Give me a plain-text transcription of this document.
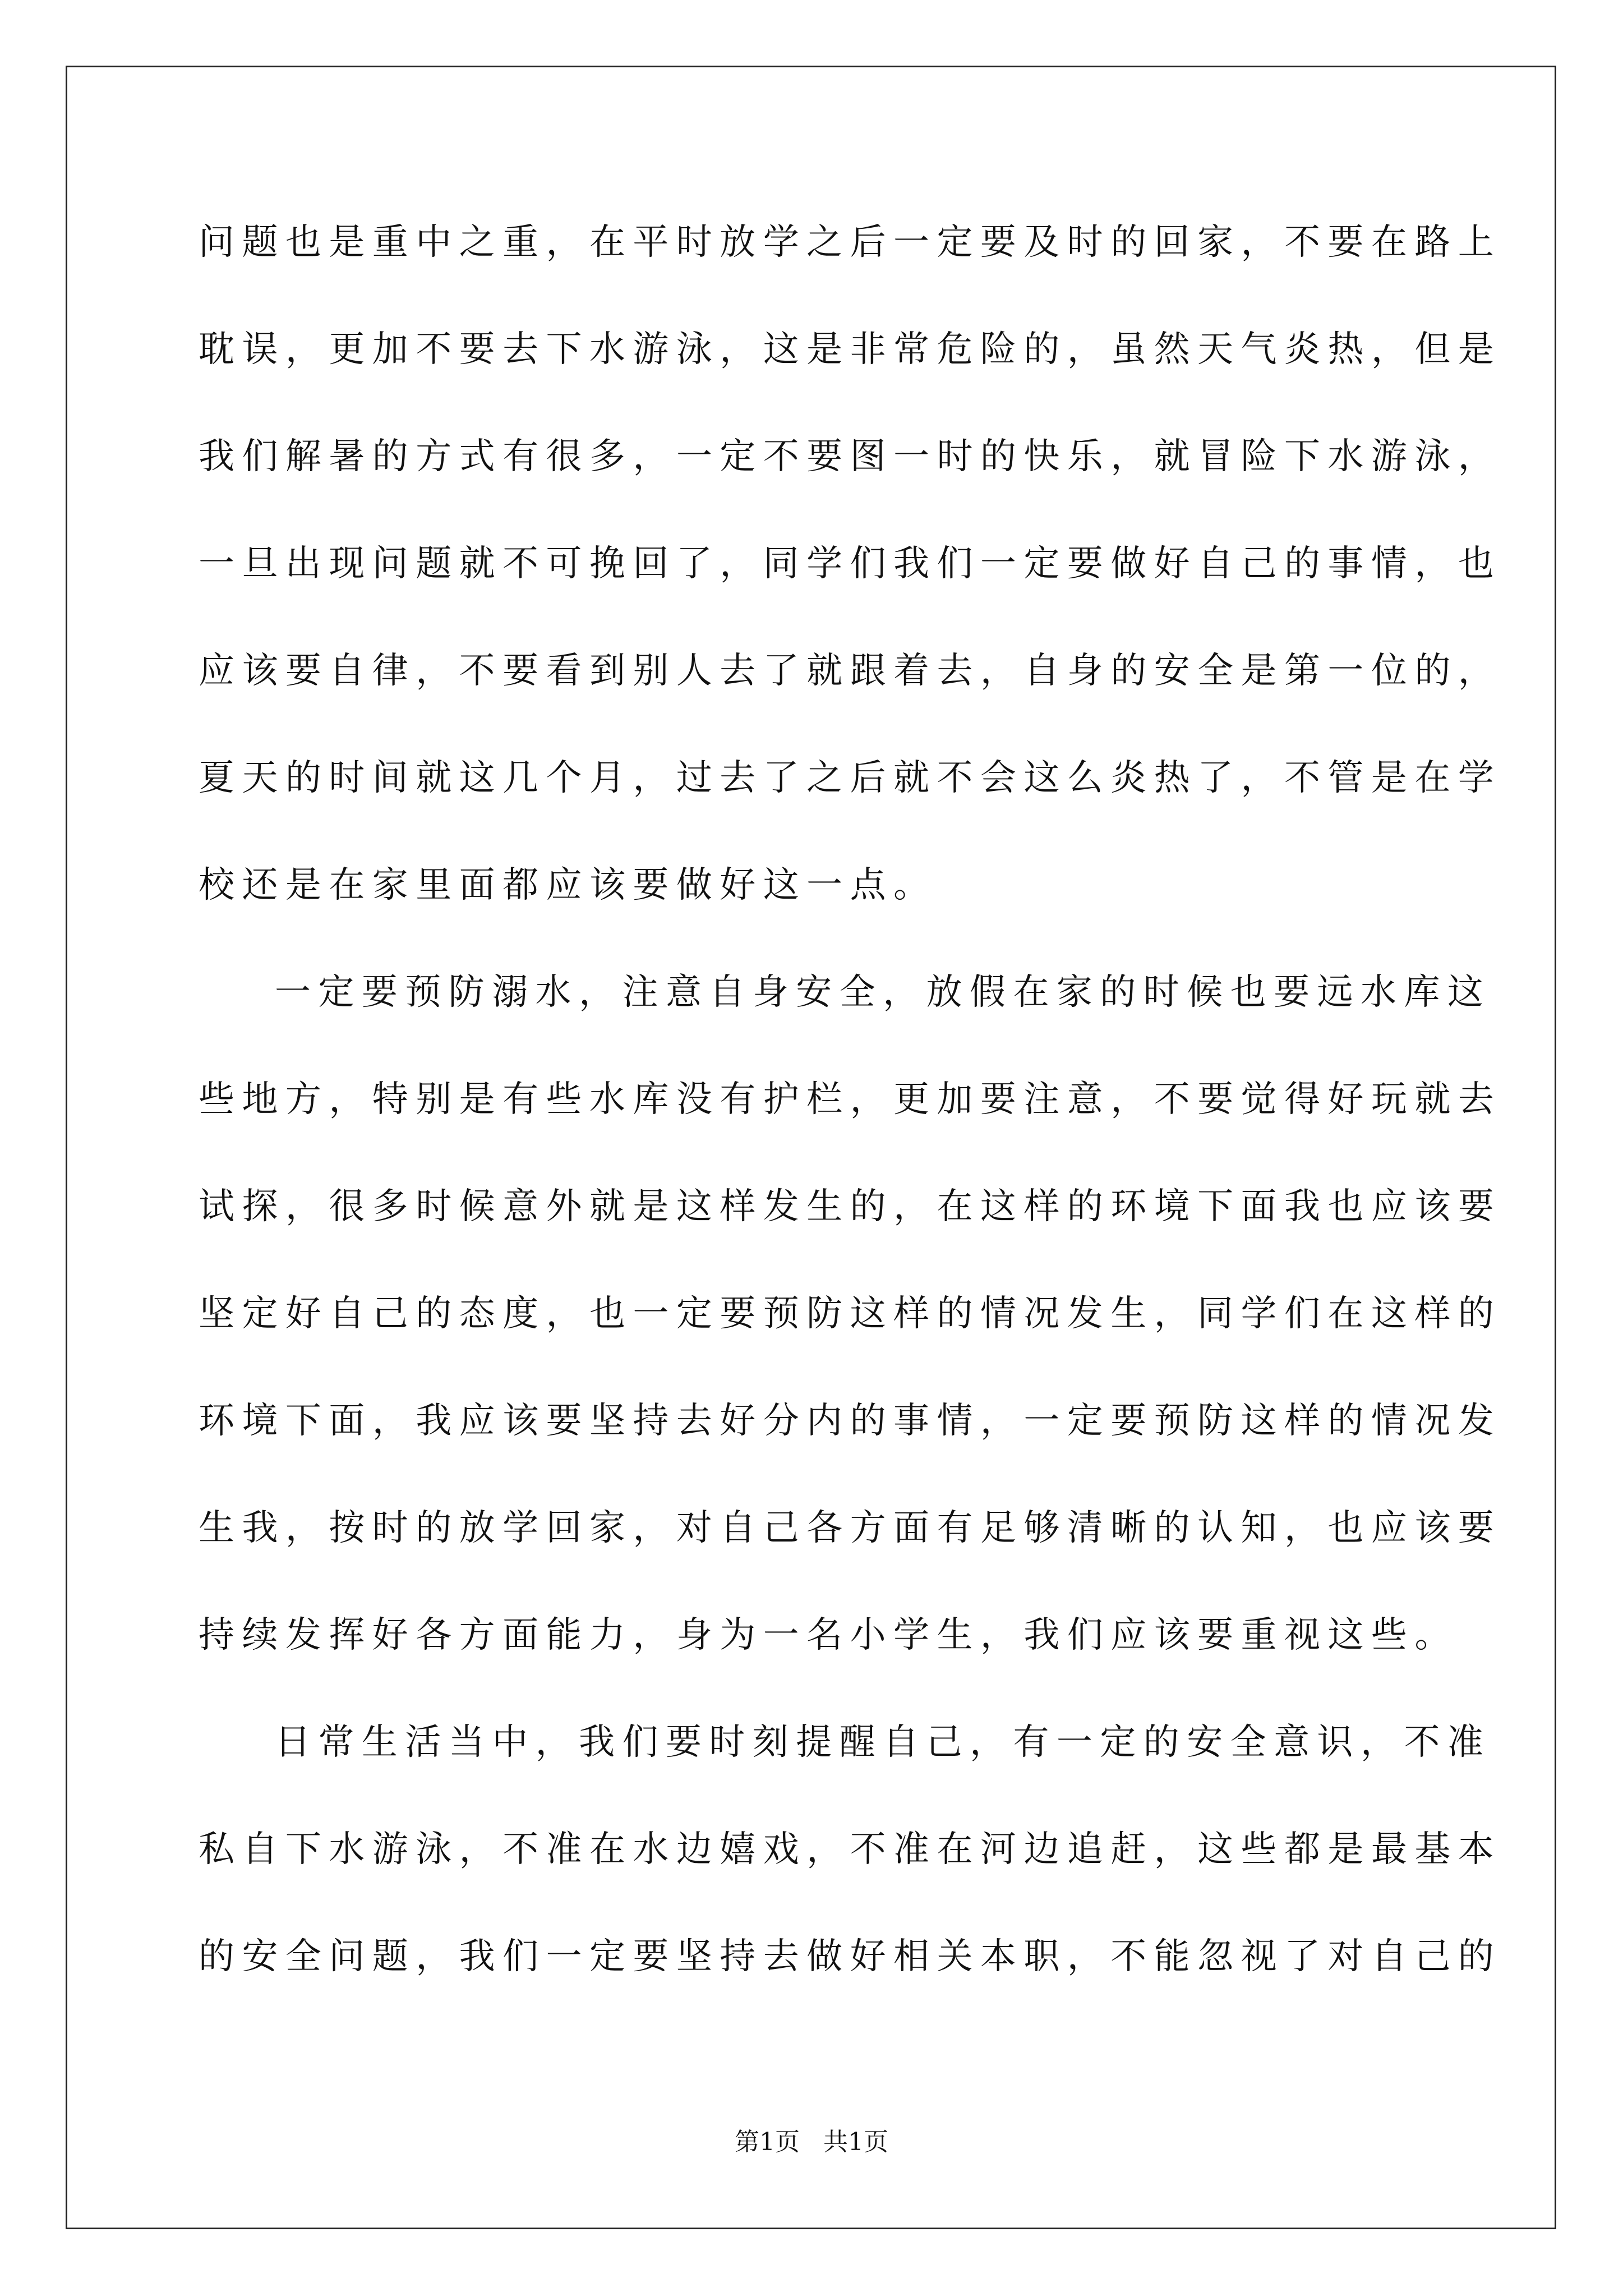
问题也是重中之重，在平时放学之后一定要及时的回家，不要在路上
耽误，更加不要去下水游泳，这是非常危险的，虽然天气炎热，但是
我们解暑的方式有很多，一定不要图一时的快乐，就冒险下水游泳，
一旦出现问题就不可挽回了，同学们我们一定要做好自己的事情，也
应该要自律，不要看到别人去了就跟着去，自身的安全是第一位的，
夏天的时间就这几个月，过去了之后就不会这么炎热了，不管是在学
校还是在家里面都应该要做好这一点。
一定要预防溺水，注意自身安全，放假在家的时候也要远水库这
些地方，特别是有些水库没有护栏，更加要注意，不要觉得好玩就去
试探，很多时候意外就是这样发生的，在这样的环境下面我也应该要
坚定好自己的态度，也一定要预防这样的情况发生，同学们在这样的
环境下面，我应该要坚持去好分内的事情，一定要预防这样的情况发
生我，按时的放学回家，对自己各方面有足够清晰的认知，也应该要
持续发挥好各方面能力，身为一名小学生，我们应该要重视这些。
日常生活当中，我们要时刻提醒自己，有一定的安全意识，不准
私自下水游泳，不准在水边嬉戏，不准在河边追赶，这些都是最基本
的安全问题，我们一定要坚持去做好相关本职，不能忽视了对自己的
第1页   共1页
